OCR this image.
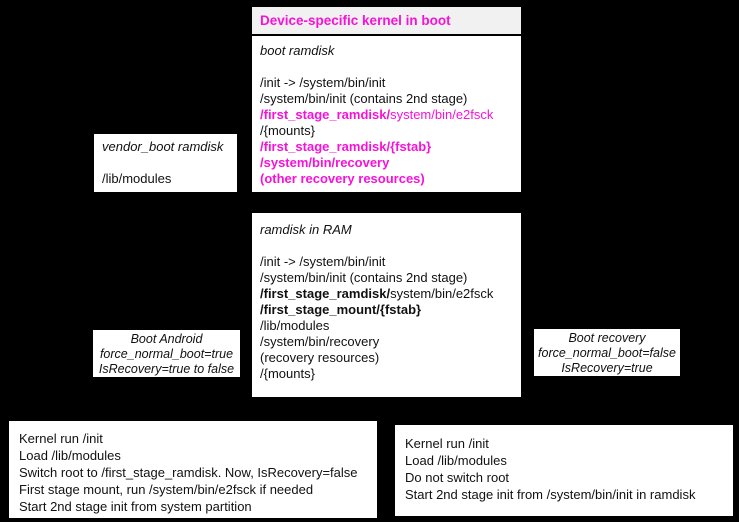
Device-specific kernel in boot
boot ramdisk
/init -> /system/bin/init
/system/bin/init (contains 2nd stage)
/first_stage_ramdisk/system/bin/e2fsck
/{mounts}
/first_stage_ramdisk/{fstab}
/system/bin/recovery
(other recovery resources)
vendor_boot ramdisk
/lib/modules
ramdisk in RAM
/init -> /system/bin/init
/system/bin/init (contains 2nd stage)
/first_stage_ramdisk/system/bin/e2fsck
/first_stage_mount/{fstab}
/lib/modules
/system/bin/recovery
(recovery resources)
/{mounts}
Boot Android
force_normal_boot=true
IsRecovery=true to false
Boot recovery
force_normal_boot=false
IsRecovery=true
Kernel run /init
Load /lib/modules
Switch root to /first_stage_ramdisk. Now, IsRecovery=false
First stage mount, run /system/bin/e2fsck if needed
Start 2nd stage init from system partition
Kernel run /init
Load /lib/modules
Do not switch root
Start 2nd stage init from /system/bin/init in ramdisk
